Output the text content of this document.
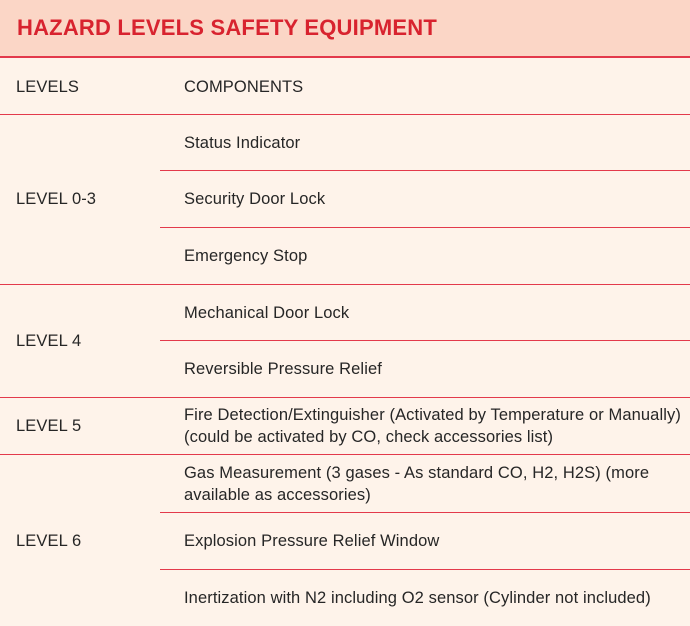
HAZARD LEVELS SAFETY EQUIPMENT
LEVELS	COMPONENTS
LEVEL 0-3
Status Indicator
Security Door Lock
Emergency Stop
LEVEL 4
Mechanical Door Lock
Reversible Pressure Relief
LEVEL 5
Fire Detection/Extinguisher (Activated by Temperature or Manually) (could be activated by CO, check accessories list)
LEVEL 6
Gas Measurement (3 gases - As standard CO, H2, H2S) (more available as accessories)
Explosion Pressure Relief Window
Inertization with N2 including O2 sensor (Cylinder not included)
